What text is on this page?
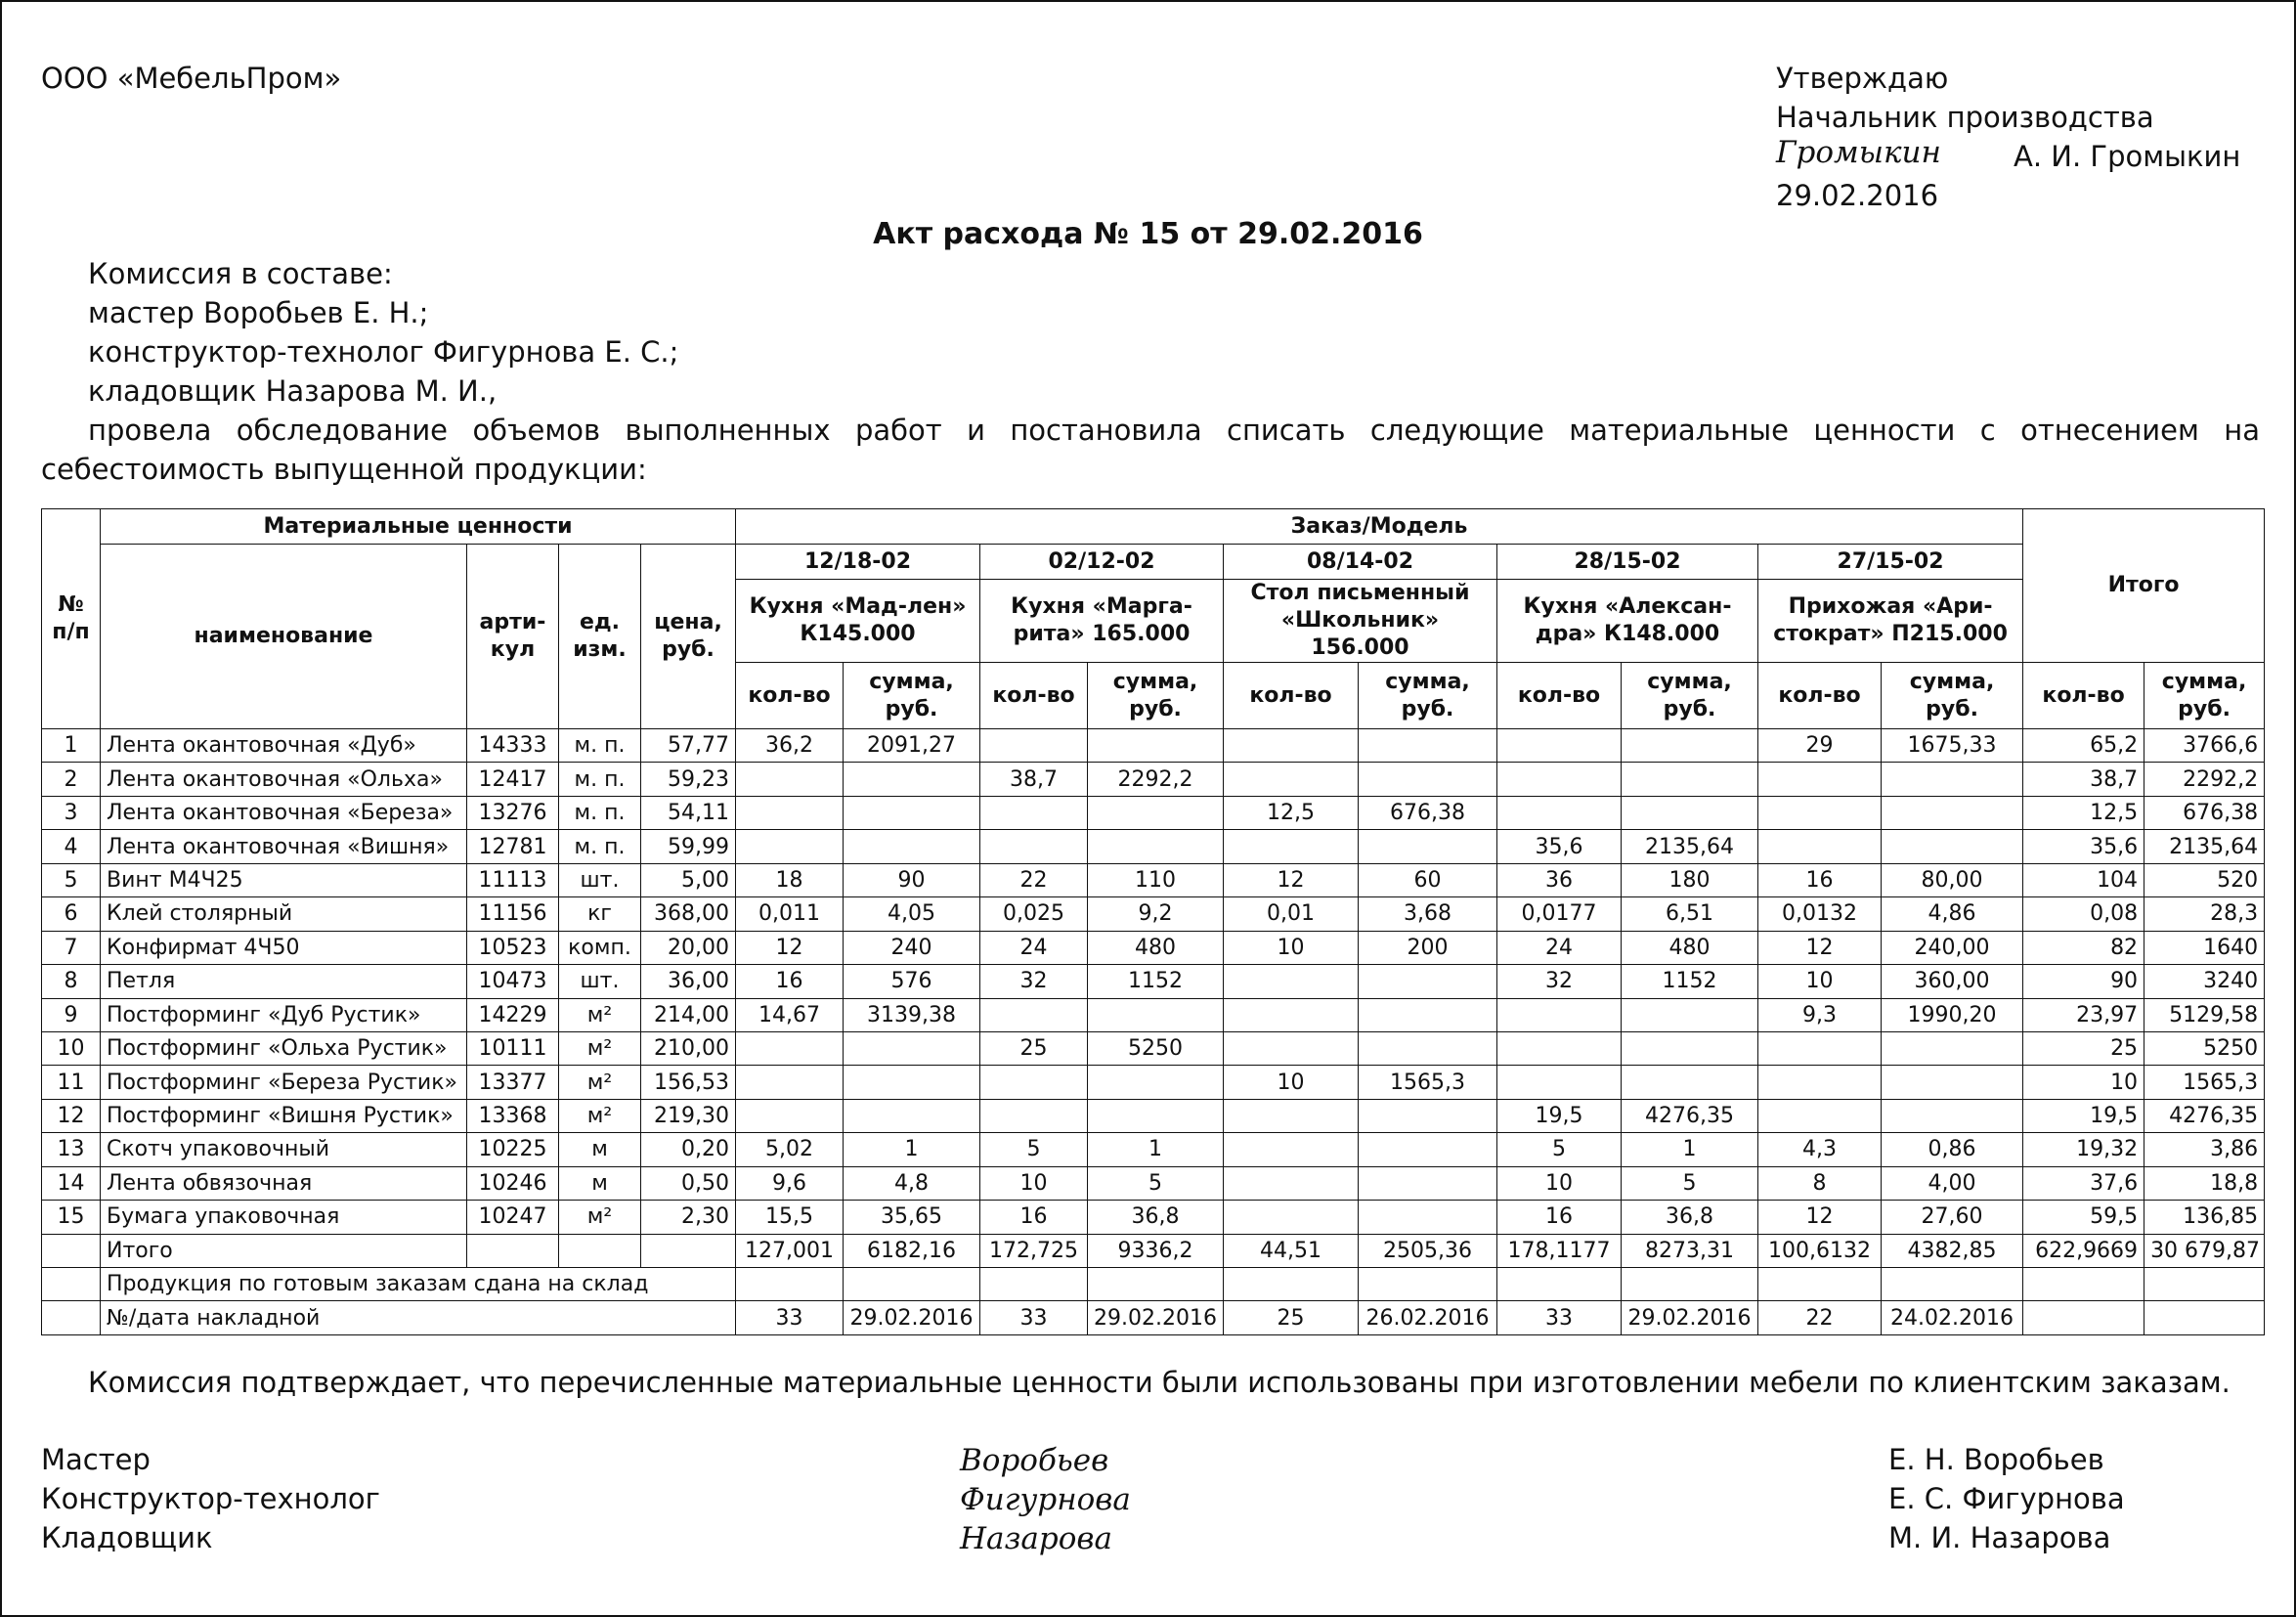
ООО «МебельПром»	Утверждаю
Начальник производства
Громыкин	А. И. Громыкин
29.02.2016
Акт расхода № 15 от 29.02.2016
Комиссия в составе:
мастер Воробьев Е. Н.;
конструктор-технолог Фигурнова Е. С.;
кладовщик Назарова М. И.,
провела обследование объемов выполненных работ и постановила списать следующие материальные ценности с отнесением на себестоимость выпущенной продукции:
№ п/п	Материальные ценности				Заказ/Модель										Итого	
	наименование	арти-кул	ед. изм.	цена, руб.	12/18-02		02/12-02		08/14-02		28/15-02		27/15-02			
					Кухня «Мад-лен» К145.000		Кухня «Марга-рита» 165.000		Стол письменный «Школьник» 156.000		Кухня «Алексан-дра» К148.000		Прихожая «Ари-стократ» П215.000			
					кол-во	сумма, руб.	кол-во	сумма, руб.	кол-во	сумма, руб.	кол-во	сумма, руб.	кол-во	сумма, руб.	кол-во	сумма, руб.
1	Лента окантовочная «Дуб»	14333	м. п.	57,77	36,2	2091,27							29	1675,33	65,2	3766,6
2	Лента окантовочная «Ольха»	12417	м. п.	59,23			38,7	2292,2							38,7	2292,2
3	Лента окантовочная «Береза»	13276	м. п.	54,11					12,5	676,38					12,5	676,38
4	Лента окантовочная «Вишня»	12781	м. п.	59,99							35,6	2135,64			35,6	2135,64
5	Винт М4Ч25	11113	шт.	5,00	18	90	22	110	12	60	36	180	16	80,00	104	520
6	Клей столярный	11156	кг	368,00	0,011	4,05	0,025	9,2	0,01	3,68	0,0177	6,51	0,0132	4,86	0,08	28,3
7	Конфирмат 4Ч50	10523	комп.	20,00	12	240	24	480	10	200	24	480	12	240,00	82	1640
8	Петля	10473	шт.	36,00	16	576	32	1152			32	1152	10	360,00	90	3240
9	Постформинг «Дуб Рустик»	14229	м²	214,00	14,67	3139,38							9,3	1990,20	23,97	5129,58
10	Постформинг «Ольха Рустик»	10111	м²	210,00			25	5250							25	5250
11	Постформинг «Береза Рустик»	13377	м²	156,53					10	1565,3					10	1565,3
12	Постформинг «Вишня Рустик»	13368	м²	219,30							19,5	4276,35			19,5	4276,35
13	Скотч упаковочный	10225	м	0,20	5,02	1	5	1			5	1	4,3	0,86	19,32	3,86
14	Лента обвязочная	10246	м	0,50	9,6	4,8	10	5			10	5	8	4,00	37,6	18,8
15	Бумага упаковочная	10247	м²	2,30	15,5	35,65	16	36,8			16	36,8	12	27,60	59,5	136,85
	Итого				127,001	6182,16	172,725	9336,2	44,51	2505,36	178,1177	8273,31	100,6132	4382,85	622,9669	30 679,87
	Продукция по готовым заказам сдана на склад															
	№/дата накладной				33	29.02.2016	33	29.02.2016	25	26.02.2016	33	29.02.2016	22	24.02.2016		
Комиссия подтверждает, что перечисленные материальные ценности были использованы при изготовлении мебели по клиентским заказам.
Мастер	Воробьев	Е. Н. Воробьев
Конструктор-технолог	Фигурнова	Е. С. Фигурнова
Кладовщик	Назарова	М. И. Назарова
